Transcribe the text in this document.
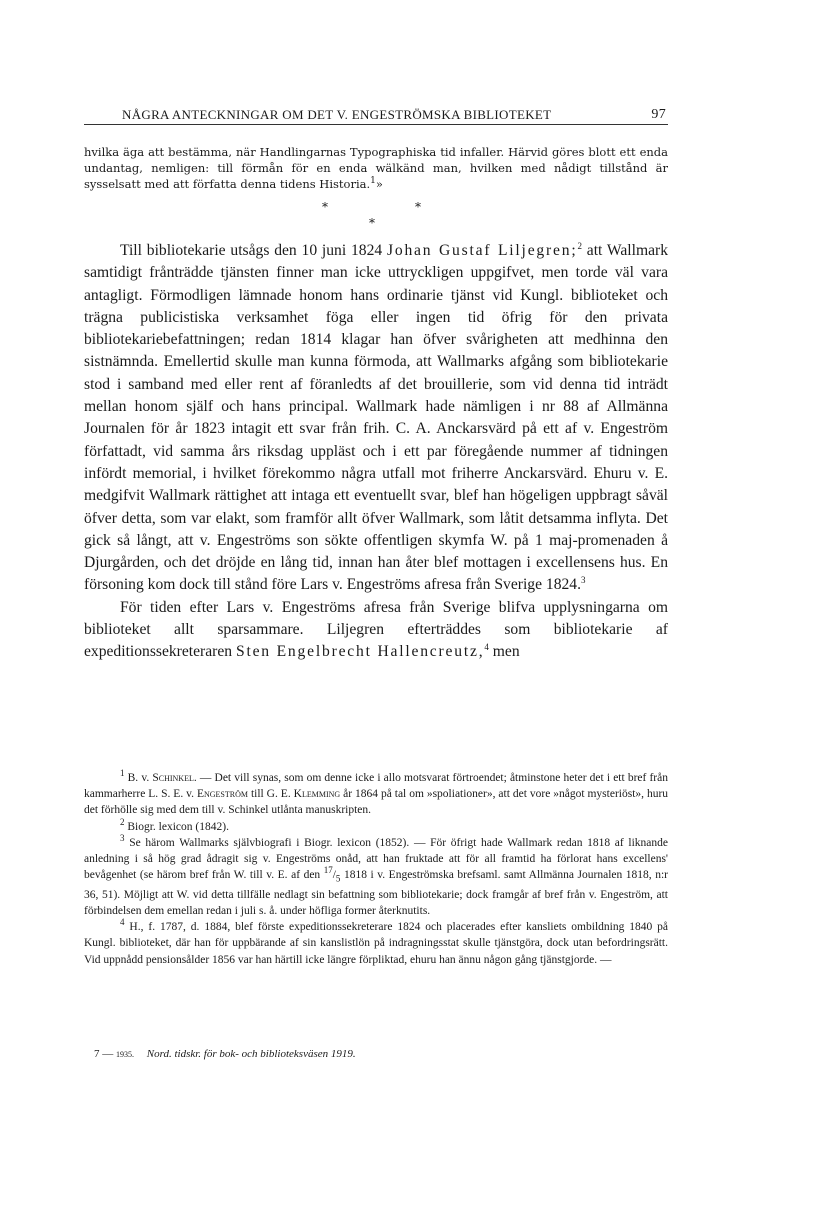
NÅGRA ANTECKNINGAR OM DET V. ENGESTRÖMSKA BIBLIOTEKET	97
hvilka äga att bestämma, när Handlingarnas Typographiska tid infaller. Härvid göres blott ett enda undantag, nemligen: till förmån för en enda wälkänd man, hvilken med nådigt tillstånd är sysselsatt med att författa denna tidens Historia.$^1$»
*	*
*

Till bibliotekarie utsågs den 10 juni 1824 Johan Gustaf Liljegren;$^2$ att Wallmark samtidigt frånträdde tjänsten finner man icke uttryckligen uppgifvet, men torde väl vara antagligt. Förmodligen lämnade honom hans ordinarie tjänst vid Kungl. biblioteket och trägna publicistiska verksamhet föga eller ingen tid öfrig för den privata bibliotekariebefattningen; redan 1814 klagar han öfver svårigheten att medhinna den sistnämnda. Emellertid skulle man kunna förmoda, att Wallmarks afgång som bibliotekarie stod i samband med eller rent af föranledts af det brouillerie, som vid denna tid inträdt mellan honom själf och hans principal. Wallmark hade nämligen i nr 88 af Allmänna Journalen för år 1823 intagit ett svar från frih. C. A. Anckarsvärd på ett af v. Engeström författadt, vid samma års riksdag uppläst och i ett par föregående nummer af tidningen infördt memorial, i hvilket förekommo några utfall mot friherre Anckarsvärd. Ehuru v. E. medgifvit Wallmark rättighet att intaga ett eventuellt svar, blef han högeligen uppbragt såväl öfver detta, som var elakt, som framför allt öfver Wallmark, som låtit detsamma inflyta. Det gick så långt, att v. Engeströms son sökte offentligen skymfa W. på 1 maj-promenaden å Djurgården, och det dröjde en lång tid, innan han åter blef mottagen i excellensens hus. En försoning kom dock till stånd före Lars v. Engeströms afresa från Sverige 1824.$^3$

För tiden efter Lars v. Engeströms afresa från Sverige blifva upplysningarna om biblioteket allt sparsammare. Liljegren efterträddes som bibliotekarie af expeditionssekreteraren Sten Engelbrecht Hallencreutz,$^4$ men

$^1$ B. v. Schinkel. — Det vill synas, som om denne icke i allo motsvarat förtroendet; åtminstone heter det i ett bref från kammarherre L. S. E. v. Engeström till G. E. Klemming år 1864 på tal om »spoliationer», att det vore »något mysteriöst», huru det förhölle sig med dem till v. Schinkel utlånta manuskripten.

$^2$ Biogr. lexicon (1842).

$^3$ Se härom Wallmarks självbiografi i Biogr. lexicon (1852). — För öfrigt hade Wallmark redan 1818 af liknande anledning i så hög grad ådragit sig v. Engeströms onåd, att han fruktade att för all framtid ha förlorat hans excellens' bevågenhet (se härom bref från W. till v. E. af den $^{17}/_5$ 1818 i v. Engeströmska brefsaml. samt Allmänna Journalen 1818, n:r 36, 51). Möjligt att W. vid detta tillfälle nedlagt sin befattning som bibliotekarie; dock framgår af bref från v. Engeström, att förbindelsen dem emellan redan i juli s. å. under höfliga former återknutits.

$^4$ H., f. 1787, d. 1884, blef förste expeditionssekreterare 1824 och placerades efter kansliets ombildning 1840 på Kungl. biblioteket, där han för uppbärande af sin kanslistlön på indragningsstat skulle tjänstgöra, dock utan befordringsrätt. Vid uppnådd pensionsålder 1856 var han härtill icke längre förpliktad, ehuru han ännu någon gång tjänstgjorde. —

7 — 1935. Nord. tidskr. för bok- och biblioteksväsen 1919.
